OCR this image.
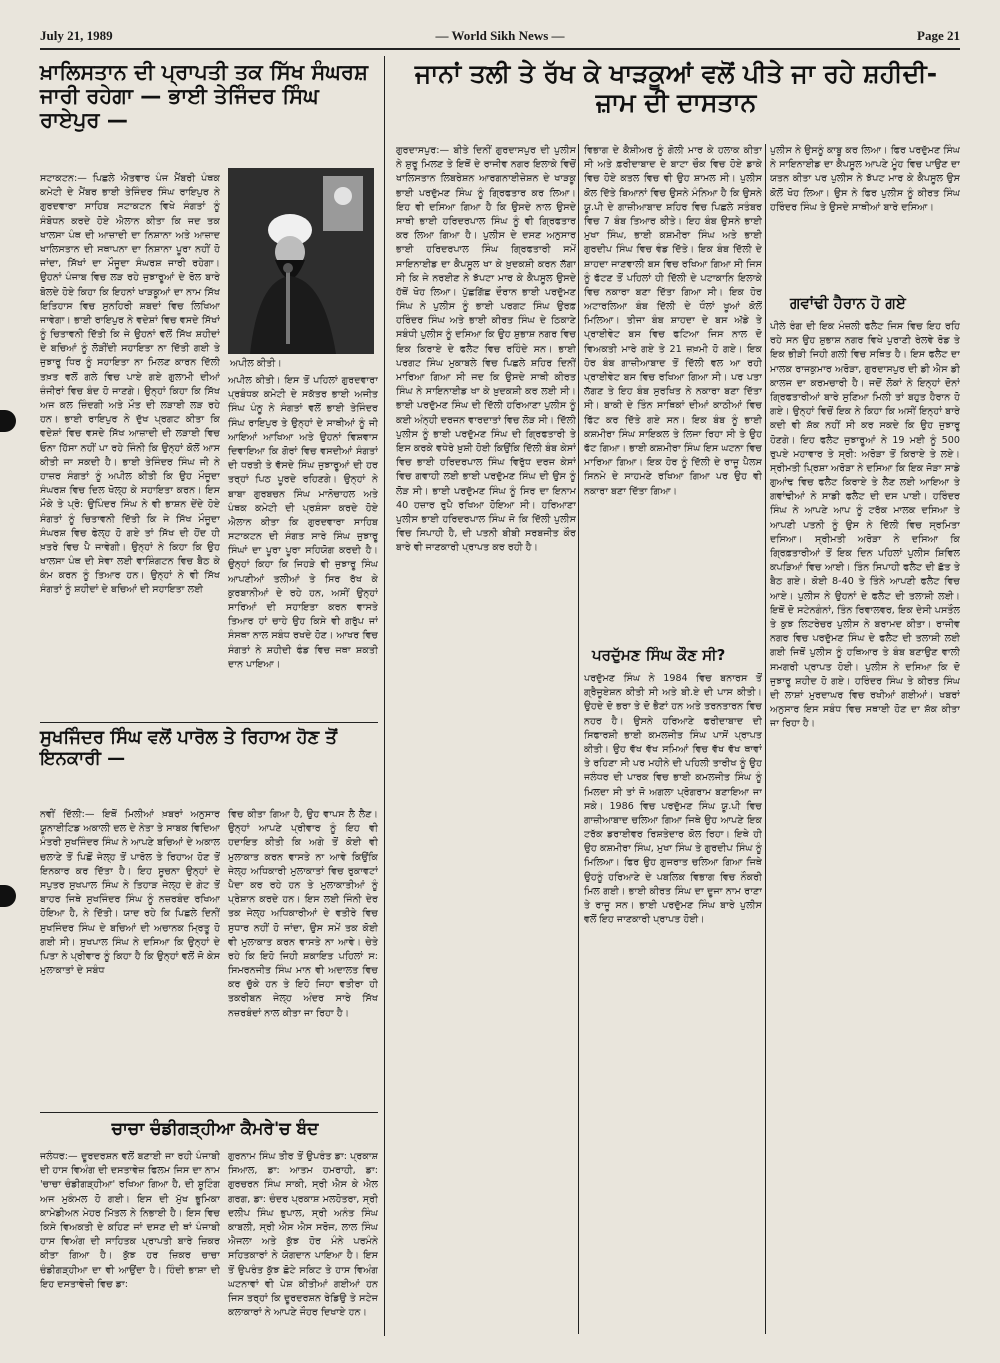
July 21, 1989	— World Sikh News —	Page 21
ਖ਼ਾਲਿਸਤਾਨ ਦੀ ਪ੍ਰਾਪਤੀ ਤਕ ਸਿੱਖ ਸੰਘਰਸ਼ ਜਾਰੀ ਰਹੇਗਾ — ਭਾਈ ਤੇਜਿੰਦਰ ਸਿੰਘ ਰਾਏਪੁਰ —
ਸਟਾਕਟਨ:— ਪਿਛਲੇ ਐਤਵਾਰ ਪੰਜ ਮੈਂਬਰੀ ਪੰਥਕ ਕਮੇਟੀ ਦੇ ਮੈਂਬਰ ਭਾਈ ਤੇਜਿੰਦਰ ਸਿੰਘ ਰਾਇਪੁਰ ਨੇ ਗੁਰਦਵਾਰਾ ਸਾਹਿਬ ਸਟਾਕਟਨ ਵਿਖੇ ਸੰਗਤਾਂ ਨੂੰ ਸੰਬੋਧਨ ਕਰਦੇ ਹੋਏ ਐਲਾਨ ਕੀਤਾ ਕਿ ਜਦ ਤਕ ਖਾਲਸਾ ਪੰਥ ਦੀ ਆਜ਼ਾਦੀ ਦਾ ਨਿਸ਼ਾਨਾ ਅਤੇ ਆਜ਼ਾਦ ਖਾਲਿਸਤਾਨ ਦੀ ਸਥਾਪਨਾ ਦਾ ਨਿਸ਼ਾਨਾ ਪੂਰਾ ਨਹੀਂ ਹੋ ਜਾਂਦਾ, ਸਿੱਖਾਂ ਦਾ ਮੌਜੂਦਾ ਸੰਘਰਸ਼ ਜਾਰੀ ਰਹੇਗਾ। ਉਹਨਾਂ ਪੰਜਾਬ ਵਿਚ ਲੜ ਰਹੇ ਜੁਝਾਰੂਆਂ ਦੇ ਰੋਲ ਬਾਰੇ ਬੋਲਦੇ ਹੋਏ ਕਿਹਾ ਕਿ ਇਹਨਾਂ ਖਾੜਕੂਆਂ ਦਾ ਨਾਮ ਸਿੱਖ ਇਤਿਹਾਸ ਵਿਚ ਸੁਨਹਿਰੀ ਸ਼ਬਦਾਂ ਵਿਚ ਲਿਖਿਆ ਜਾਵੇਗਾ। ਭਾਈ ਰਾਇਪੁਰ ਨੇ ਵਦੇਸ਼ਾਂ ਵਿਚ ਵਸਦੇ ਸਿੱਖਾਂ ਨੂੰ ਚਿਤਾਵਨੀ ਦਿੱਤੀ ਕਿ ਜੇ ਉਹਨਾਂ ਵਲੋਂ ਸਿੱਖ ਸ਼ਹੀਦਾਂ ਦੇ ਬਚਿਆਂ ਨੂੰ ਲੋੜੀਂਦੀ ਸਹਾਇਤਾ ਨਾ ਦਿੱਤੀ ਗਈ ਤੇ ਜੁਝਾਰੂ ਧਿਰ ਨੂੰ ਸਹਾਇਤਾ ਨਾ ਮਿਲਣ ਕਾਰਨ ਦਿੱਲੀ ਤਖ਼ਤ ਵਲੋਂ ਗਲੇ ਵਿਚ ਪਾਏ ਗਏ ਗੁਲਾਮੀ ਦੀਆਂ ਜ਼ੰਜੀਰਾਂ ਵਿਚ ਬੰਦ ਹੋ ਜਾਣਗੇ। ਉਨ੍ਹਾਂ ਕਿਹਾ ਕਿ ਸਿੱਖ ਅਜ ਕਲ ਜ਼ਿੰਦਗੀ ਅਤੇ ਮੌਤ ਦੀ ਲੜਾਈ ਲੜ ਰਹੇ ਹਨ। ਭਾਈ ਰਾਇਪੁਰ ਨੇ ਦੁੱਖ ਪ੍ਰਗਟ ਕੀਤਾ ਕਿ ਵਦੇਸ਼ਾਂ ਵਿਚ ਵਸਦੇ ਸਿੱਖ ਆਜ਼ਾਦੀ ਦੀ ਲੜਾਈ ਵਿਚ ਓਨਾ ਹਿੱਸਾ ਨਹੀਂ ਪਾ ਰਹੇ ਜਿੰਨੀ ਕਿ ਉਨ੍ਹਾਂ ਕੋਲੋਂ ਆਸ ਕੀਤੀ ਜਾ ਸਕਦੀ ਹੈ। ਭਾਈ ਤੇਜਿੰਦਰ ਸਿੰਘ ਜੀ ਨੇ ਹਾਜ਼ਰ ਸੰਗਤਾਂ ਨੂੰ ਅਪੀਲ ਕੀਤੀ ਕਿ ਉਹ ਮੌਜੂਦਾ ਸੰਘਰਸ਼ ਵਿਚ ਦਿਲ ਖੋਲ੍ਹ ਕੇ ਸਹਾਇਤਾ ਕਰਨ। ਇਸ ਮੌਕੇ ਤੇ ਪ੍ਰੋ: ਉਪਿੰਦਰ ਸਿੰਘ ਨੇ ਵੀ ਭਾਸ਼ਨ ਦੇਂਦੇ ਹੋਏ ਸੰਗਤਾਂ ਨੂੰ ਚਿਤਾਵਨੀ ਦਿੱਤੀ ਕਿ ਜੇ ਸਿੱਖ ਮੌਜੂਦਾ ਸੰਘਰਸ਼ ਵਿਚ ਫੇਲ੍ਹ ਹੋ ਗਏ ਤਾਂ ਸਿੱਖ ਦੀ ਹੋਂਦ ਹੀ ਖ਼ਤਰੇ ਵਿਚ ਪੈ ਜਾਵੇਗੀ। ਉਨ੍ਹਾਂ ਨੇ ਕਿਹਾ ਕਿ ਉਹ ਖਾਲਸਾ ਪੰਥ ਦੀ ਸੇਵਾ ਲਈ ਵਾਸ਼ਿੰਗਟਨ ਵਿਚ ਬੈਠ ਕੇ ਕੰਮ ਕਰਨ ਨੂੰ ਤਿਆਰ ਹਨ। ਉਨ੍ਹਾਂ ਨੇ ਵੀ ਸਿੱਖ ਸੰਗਤਾਂ ਨੂੰ ਸ਼ਹੀਦਾਂ ਦੇ ਬਚਿਆਂ ਦੀ ਸਹਾਇਤਾ ਲਈ
ਅਪੀਲ ਕੀਤੀ।
ਅਪੀਲ ਕੀਤੀ। ਇਸ ਤੋਂ ਪਹਿਲਾਂ ਗੁਰਦਵਾਰਾ ਪ੍ਰਬੰਧਕ ਕਮੇਟੀ ਦੇ ਸਕੱਤਰ ਭਾਈ ਅਜੀਤ ਸਿੰਘ ਪੰਨੂ ਨੇ ਸੰਗਤਾਂ ਵਲੋਂ ਭਾਈ ਤੇਜਿੰਦਰ ਸਿੰਘ ਰਾਇਪੁਰ ਤੇ ਉਨ੍ਹਾਂ ਦੇ ਸਾਥੀਆਂ ਨੂੰ ਜੀ ਆਇਆਂ ਆਖਿਆ ਅਤੇ ਉਹਨਾਂ ਵਿਸ਼ਵਾਸ ਦਿਵਾਇਆ ਕਿ ਗੋਰਾਂ ਵਿਚ ਵਸਦੀਆਂ ਸੰਗਤਾਂ ਦੀ ਧਰਤੀ ਤੇ ਵੱਸਦੇ ਸਿੰਘ ਜੁਝਾਰੂਆਂ ਦੀ ਹਰ ਤਰ੍ਹਾਂ ਪਿਠ ਪੂਰਦੇ ਰਹਿਣਗੇ। ਉਨ੍ਹਾਂ ਨੇ ਬਾਬਾ ਗੁਰਬਚਨ ਸਿੰਘ ਮਾਨੋਚਾਹਲ ਅਤੇ ਪੰਥਕ ਕਮੇਟੀ ਦੀ ਪ੍ਰਸ਼ੰਸਾ ਕਰਦੇ ਹੋਏ ਐਲਾਨ ਕੀਤਾ ਕਿ ਗੁਰਦਵਾਰਾ ਸਾਹਿਬ ਸਟਾਕਟਨ ਦੀ ਸੰਗਤ ਸਾਰੇ ਸਿੰਘ ਜੁਝਾਰੂ ਸਿੰਘਾਂ ਦਾ ਪੂਰਾ ਪੂਰਾ ਸਹਿਯੋਗ ਕਰਦੀ ਹੈ। ਉਨ੍ਹਾਂ ਕਿਹਾ ਕਿ ਜਿਹੜੇ ਵੀ ਜੁਝਾਰੂ ਸਿੰਘ ਆਪਣੀਆਂ ਤਲੀਆਂ ਤੇ ਸਿਰ ਰੱਖ ਕੇ ਕੁਰਬਾਨੀਆਂ ਦੇ ਰਹੇ ਹਨ, ਅਸੀਂ ਉਨ੍ਹਾਂ ਸਾਰਿਆਂ ਦੀ ਸਹਾਇਤਾ ਕਰਨ ਵਾਸਤੇ ਤਿਆਰ ਹਾਂ ਚਾਹੇ ਉਹ ਕਿਸੇ ਵੀ ਗਰੁੱਪ ਜਾਂ ਸੰਸਥਾ ਨਾਲ ਸਬੰਧ ਰਖਦੇ ਹੋਣ। ਆਖਰ ਵਿਚ ਸੰਗਤਾਂ ਨੇ ਸ਼ਹੀਦੀ ਫੰਡ ਵਿਚ ਜਥਾ ਸ਼ਕਤੀ ਦਾਨ ਪਾਇਆ।
ਸੁਖਜਿੰਦਰ ਸਿੰਘ ਵਲੋਂ ਪਾਰੋਲ ਤੇ ਰਿਹਾਅ ਹੋਣ ਤੋਂ ਇਨਕਾਰੀ —
ਨਵੀਂ ਦਿੱਲੀ:— ਇਥੋਂ ਮਿਲੀਆਂ ਖ਼ਬਰਾਂ ਅਨੁਸਾਰ ਯੂਨਾਈਟਿਡ ਅਕਾਲੀ ਦਲ ਦੇ ਨੇਤਾ ਤੇ ਸਾਬਕ ਵਿਦਿਆ ਮੰਤਰੀ ਸੁਖਜਿੰਦਰ ਸਿੰਘ ਨੇ ਆਪਣੇ ਬਚਿਆਂ ਦੇ ਅਕਾਲ ਚਲਾਣੇ ਤੋਂ ਪਿਛੋਂ ਜੇਲ੍ਹ ਤੋਂ ਪਾਰੋਲ ਤੇ ਰਿਹਾਅ ਹੋਣ ਤੋਂ ਇਨਕਾਰ ਕਰ ਦਿੱਤਾ ਹੈ। ਇਹ ਸੂਚਨਾ ਉਨ੍ਹਾਂ ਦੇ ਸਪੁਤਰ ਸੁਖਪਾਲ ਸਿੰਘ ਨੇ ਤਿਹਾੜ ਜੇਲ੍ਹ ਦੇ ਗੇਟ ਤੋਂ ਬਾਹਰ ਜਿਥੇ ਸੁਖਜਿੰਦਰ ਸਿੰਘ ਨੂੰ ਨਜ਼ਰਬੰਦ ਰਖਿਆ ਹੋਇਆ ਹੈ, ਨੇ ਦਿੱਤੀ। ਯਾਦ ਰਹੇ ਕਿ ਪਿਛਲੇ ਦਿਨੀਂ ਸੁਖਜਿੰਦਰ ਸਿੰਘ ਦੇ ਬਚਿਆਂ ਦੀ ਅਚਾਨਕ ਮ੍ਰਿਤੂ ਹੋ ਗਈ ਸੀ। ਸੁਖਪਾਲ ਸਿੰਘ ਨੇ ਦਸਿਆ ਕਿ ਉਨ੍ਹਾਂ ਦੇ ਪਿਤਾ ਨੇ ਪ੍ਰੀਵਾਰ ਨੂੰ ਕਿਹਾ ਹੈ ਕਿ ਉਨ੍ਹਾਂ ਵਲੋਂ ਜੋ ਕੇਸ ਮੁਲਾਕਾਤਾਂ ਦੇ ਸਬੰਧ
ਵਿਚ ਕੀਤਾ ਗਿਆ ਹੈ, ਉਹ ਵਾਪਸ ਲੈ ਲੈਣ। ਉਨ੍ਹਾਂ ਆਪਣੇ ਪ੍ਰੀਵਾਰ ਨੂੰ ਇਹ ਵੀ ਹਦਾਇਤ ਕੀਤੀ ਕਿ ਅਗੇ ਤੋਂ ਕੋਈ ਵੀ ਮੁਲਾਕਾਤ ਕਰਨ ਵਾਸਤੇ ਨਾ ਆਵੇ ਕਿਉਂਕਿ ਜੇਲ੍ਹ ਅਧਿਕਾਰੀ ਮੁਲਾਕਾਤਾਂ ਵਿਚ ਰੁਕਾਵਟਾਂ ਪੈਦਾ ਕਰ ਰਹੇ ਹਨ ਤੇ ਮੁਲਾਕਾਤੀਆਂ ਨੂੰ ਪ੍ਰੇਸ਼ਾਨ ਕਰਦੇ ਹਨ। ਇਸ ਲਈ ਜਿੰਨੀ ਦੇਰ ਤਕ ਜੇਲ੍ਹ ਅਧਿਕਾਰੀਆਂ ਦੇ ਵਤੀਰੇ ਵਿਚ ਸੁਧਾਰ ਨਹੀਂ ਹੋ ਜਾਂਦਾ, ਉਸ ਸਮੇਂ ਤਕ ਕੋਈ ਵੀ ਮੁਲਾਕਾਤ ਕਰਨ ਵਾਸਤੇ ਨਾ ਆਵੇ। ਚੇਤੇ ਰਹੇ ਕਿ ਇਹੋ ਜਿਹੀ ਸ਼ਕਾਇਤ ਪਹਿਲਾਂ ਸ: ਸਿਮਰਨਜੀਤ ਸਿੰਘ ਮਾਨ ਵੀ ਅਦਾਲਤ ਵਿਚ ਕਰ ਚੁੱਕੇ ਹਨ ਤੇ ਇਹੋ ਜਿਹਾ ਵਤੀਰਾ ਹੀ ਤਕਰੀਬਨ ਜੇਲ੍ਹ ਅੰਦਰ ਸਾਰੇ ਸਿੱਖ ਨਜ਼ਰਬੰਦਾਂ ਨਾਲ ਕੀਤਾ ਜਾ ਰਿਹਾ ਹੈ।
ਚਾਚਾ ਚੰਡੀਗੜ੍ਹੀਆ ਕੈਮਰੇ'ਚ ਬੰਦ
ਜਲੰਧਰ:— ਦੂਰਦਰਸ਼ਨ ਵਲੋਂ ਬਣਾਈ ਜਾ ਰਹੀ ਪੰਜਾਬੀ ਦੀ ਹਾਸ ਵਿਅੰਗ ਦੀ ਦਸਤਾਵੇਜ਼ ਫਿਲਮ ਜਿਸ ਦਾ ਨਾਮ 'ਚਾਚਾ ਚੰਡੀਗੜ੍ਹੀਆ' ਰਖਿਆ ਗਿਆ ਹੈ, ਦੀ ਸ਼ੂਟਿੰਗ ਅਜ ਮੁਕੰਮਲ ਹੋ ਗਈ। ਇਸ ਦੀ ਮੁੱਖ ਭੂਮਿਕਾ ਕਾਮੇਡੀਅਨ ਮੇਹਰ ਮਿੱਤਲ ਨੇ ਨਿਭਾਈ ਹੈ। ਇਸ ਵਿਚ ਕਿਸੇ ਵਿਅਕਤੀ ਦੇ ਕਹਿਣ ਜਾਂ ਦਸਣ ਦੀ ਥਾਂ ਪੰਜਾਬੀ ਹਾਸ ਵਿਅੰਗ ਦੀ ਸਾਹਿਤਕ ਪ੍ਰਾਪਤੀ ਬਾਰੇ ਜ਼ਿਕਰ ਕੀਤਾ ਗਿਆ ਹੈ। ਕੁੱਝ ਹਰ ਜ਼ਿਕਰ ਚਾਚਾ ਚੰਡੀਗੜ੍ਹੀਆ ਦਾ ਵੀ ਆਉਂਦਾ ਹੈ। ਹਿੰਦੀ ਭਾਸ਼ਾ ਦੀ ਇਹ ਦਸਤਾਵੇਜ਼ੀ ਵਿਚ ਡਾ:
ਗੁਰਨਾਮ ਸਿੰਘ ਤੀਰ ਤੋਂ ਉਪਰੰਤ ਡਾ: ਪ੍ਰਕਾਸ਼ ਸਿਆਲ, ਡਾ: ਆਤਮ ਹਮਰਾਹੀ, ਡਾ: ਗੁਰਚਰਨ ਸਿੰਘ ਸਾਕੀ, ਸ੍ਰੀ ਐਸ ਕੇ ਐਲ ਗਰਗ, ਡਾ: ਚੰਦਰ ਪ੍ਰਕਾਸ਼ ਮਲਹੋਤਰਾ, ਸ੍ਰੀ ਦਲੀਪ ਸਿੰਘ ਭੁਪਾਲ, ਸ੍ਰੀ ਅਨੰਤ ਸਿੰਘ ਕਾਬਲੀ, ਸ੍ਰੀ ਐਸ ਐਸ ਸਰੋਜ, ਲਾਲ ਸਿੰਘ ਐਜਲਾ ਅਤੇ ਕੁੱਝ ਹੋਰ ਮੰਨੇ ਪਰਮੰਨੇ ਸਹਿਤਕਾਰਾਂ ਨੇ ਯੋਗਦਾਨ ਪਾਇਆ ਹੈ। ਇਸ ਤੋਂ ਉਪਰੰਤ ਕੁੱਝ ਛੋਟੇ ਸਕਿਟ ਤੇ ਹਾਸ ਵਿਅੰਗ ਘਟਨਾਵਾਂ ਵੀ ਪੇਸ਼ ਕੀਤੀਆਂ ਗਈਆਂ ਹਨ ਜਿਸ ਤਰ੍ਹਾਂ ਕਿ ਦੂਰਦਰਸ਼ਨ ਰੇਡਿਉ ਤੇ ਸਟੇਜ ਕਲਾਕਾਰਾਂ ਨੇ ਆਪਣੇ ਜੌਹਰ ਦਿਖਾਏ ਹਨ।
ਜਾਨਾਂ ਤਲੀ ਤੇ ਰੱਖ ਕੇ ਖਾੜਕੂਆਂ ਵਲੋਂ ਪੀਤੇ ਜਾ ਰਹੇ ਸ਼ਹੀਦੀ-ਜ਼ਾਮ ਦੀ ਦਾਸਤਾਨ
ਗੁਰਦਾਸਪੁਰ:— ਬੀਤੇ ਦਿਨੀਂ ਗੁਰਦਾਸਪੁਰ ਦੀ ਪੁਲੀਸ ਨੇ ਸ਼ੁਰੂ ਮਿਲਣ ਤੇ ਇਥੋਂ ਦੇ ਰਾਜੀਵ ਨਗਰ ਇਲਾਕੇ ਵਿਚੋਂ ਖਾਲਿਸਤਾਨ ਲਿਬਰੇਸ਼ਨ ਆਰਗਨਾਈਜ਼ੇਸ਼ਨ ਦੇ ਖਾੜਕੂ ਭਾਈ ਪਰਦੁੱਮਣ ਸਿੰਘ ਨੂੰ ਗ੍ਰਿਫਤਾਰ ਕਰ ਲਿਆ। ਇਹ ਵੀ ਦਸਿਆ ਗਿਆ ਹੈ ਕਿ ਉਸਦੇ ਨਾਲ ਉਸਦੇ ਸਾਥੀ ਭਾਈ ਹਰਿਦਰਪਾਲ ਸਿੰਘ ਨੂੰ ਵੀ ਗ੍ਰਿਫਤਾਰ ਕਰ ਲਿਆ ਗਿਆ ਹੈ। ਪੁਲੀਸ ਦੇ ਦਸਣ ਅਨੁਸਾਰ ਭਾਈ ਹਰਿਦਰਪਾਲ ਸਿੰਘ ਗ੍ਰਿਫਤਾਰੀ ਸਮੇਂ ਸਾਇਨਾਈਡ ਦਾ ਕੈਪਸੂਲ ਖਾ ਕੇ ਖ਼ੁਦਕਸ਼ੀ ਕਰਨ ਲੱਗਾ ਸੀ ਕਿ ਜੇ ਨਰਈਣ ਨੇ ਝੱਪਟਾ ਮਾਰ ਕੇ ਕੈਪਸੂਲ ਉਸਦੇ ਹੱਥੋਂ ਖੋਹ ਲਿਆ। ਪੁੱਛਗਿੱਛ ਦੌਰਾਨ ਭਾਈ ਪਰਦੁੱਮਣ ਸਿੰਘ ਨੇ ਪੁਲੀਸ ਨੂੰ ਭਾਈ ਪਰਗਟ ਸਿੰਘ ਉਰਫ਼ ਹਰਿੰਦਰ ਸਿੰਘ ਅਤੇ ਭਾਈ ਕੀਰਤ ਸਿੰਘ ਦੇ ਠਿਕਾਣੇ ਸਬੰਧੀ ਪੁਲੀਸ ਨੂੰ ਦਸਿਆ ਕਿ ਉਹ ਸ਼ੁਭਾਸ਼ ਨਗਰ ਵਿਚ ਇਕ ਕਿਰਾਏ ਦੇ ਫਲੈਟ ਵਿਚ ਰਹਿੰਦੇ ਸਨ। ਭਾਈ ਪਰਗਟ ਸਿੰਘ ਮੁਕਾਬਲੇ ਵਿਚ ਪਿਛਲੇ ਸ਼ਹਿਰ ਦਿਨੀਂ ਮਾਰਿਆ ਗਿਆ ਸੀ ਜਦ ਕਿ ਉਸਦੇ ਸਾਥੀ ਕੀਰਤ ਸਿੰਘ ਨੇ ਸਾਇਨਾਈਡ ਖਾ ਕੇ ਖ਼ੁਦਕਸ਼ੀ ਕਰ ਲਈ ਸੀ। ਭਾਈ ਪਰਦੁੱਮਣ ਸਿੰਘ ਦੀ ਦਿੱਲੀ ਹਰਿਆਣਾ ਪੁਲੀਸ ਨੂੰ ਕਈ ਅੰਨ੍ਹੀ ਦਰਜਨ ਵਾਰਦਾਤਾਂ ਵਿਚ ਲੋੜ ਸੀ। ਦਿੱਲੀ ਪੁਲੀਸ ਨੂੰ ਭਾਈ ਪਰਦੁੱਮਣ ਸਿੰਘ ਦੀ ਗ੍ਰਿਫਤਾਰੀ ਤੇ ਇਸ ਕਰਕੇ ਵਧੇਰੇ ਖ਼ੁਸ਼ੀ ਹੋਈ ਕਿਉਂਕਿ ਦਿੱਲੀ ਬੰਬ ਕੇਸਾਂ ਵਿਚ ਭਾਈ ਹਰਿਦਰਪਾਲ ਸਿੰਘ ਵਿਰੁੱਧ ਦਰਜ ਕੇਸਾਂ ਵਿਚ ਗਵਾਹੀ ਲਈ ਭਾਈ ਪਰਦੁੱਮਣ ਸਿੰਘ ਦੀ ਉਸ ਨੂੰ ਲੋੜ ਸੀ। ਭਾਈ ਪਰਦੁੱਮਣ ਸਿੰਘ ਨੂੰ ਸਿਰ ਦਾ ਇਨਾਮ 40 ਹਜ਼ਾਰ ਰੁਪੈ ਰਖਿਆ ਹੋਇਆ ਸੀ। ਹਰਿਆਣਾ ਪੁਲੀਸ ਭਾਈ ਹਰਿਦਰਪਾਲ ਸਿੰਘ ਜੋ ਕਿ ਦਿੱਲੀ ਪੁਲੀਸ ਵਿਚ ਸਿਪਾਹੀ ਹੈ, ਦੀ ਪਤਨੀ ਬੀਬੀ ਸਰਬਜੀਤ ਕੌਰ ਬਾਰੇ ਵੀ ਜਾਣਕਾਰੀ ਪ੍ਰਾਪਤ ਕਰ ਰਹੀ ਹੈ।
ਵਿਭਾਗ ਦੇ ਕੈਸ਼ੀਅਰ ਨੂੰ ਗੋਲੀ ਮਾਰ ਕੇ ਹਲਾਕ ਕੀਤਾ ਸੀ ਅਤੇ ਫ਼ਰੀਦਾਬਾਦ ਦੇ ਬਾਟਾ ਚੌਕ ਵਿਚ ਹੋਏ ਡਾਕੇ ਵਿਚ ਹੋਏ ਕਤਲ ਵਿਚ ਵੀ ਉਹ ਸ਼ਾਮਲ ਸੀ। ਪੁਲੀਸ ਕੋਲ ਦਿੱਤੇ ਬਿਆਨਾਂ ਵਿਚ ਉਸਨੇ ਮੰਨਿਆ ਹੈ ਕਿ ਉਸਨੇ ਯੂ.ਪੀ ਦੇ ਗਾਜ਼ੀਆਬਾਦ ਸ਼ਹਿਰ ਵਿਚ ਪਿਛਲੇ ਸਤੰਬਰ ਵਿਚ 7 ਬੰਬ ਤਿਆਰ ਕੀਤੇ। ਇਹ ਬੰਬ ਉਸਨੇ ਭਾਈ ਮੁਖਾ ਸਿੰਘ, ਭਾਈ ਕਸ਼ਮੀਰਾ ਸਿੰਘ ਅਤੇ ਭਾਈ ਗੁਰਦੀਪ ਸਿੰਘ ਵਿਚ ਵੰਡ ਦਿੱਤੇ। ਇਕ ਬੰਬ ਦਿੱਲੀ ਦੇ ਸ਼ਾਹਦਾ ਜਾਣਵਾਲੀ ਬਸ ਵਿਚ ਰਖਿਆ ਗਿਆ ਸੀ ਜਿਸ ਨੂੰ ਫੱਟਣ ਤੋਂ ਪਹਿਲਾਂ ਹੀ ਦਿੱਲੀ ਦੇ ਪਟਾਕਾਨਿ ਇਲਾਕੇ ਵਿਚ ਨਕਾਰਾ ਬਣਾ ਦਿੱਤਾ ਗਿਆ ਸੀ। ਇਕ ਹੋਰ ਅਟਾਰਲਿਆ ਬੰਬ ਦਿੱਲੀ ਦੇ ਧੌਲਾਂ ਖੂਆਂ ਕੋਲੋਂ ਮਿਲਿਆ। ਤੀਜਾ ਬੰਬ ਸ਼ਾਹਦਾ ਦੇ ਬਸ ਅੱਡੇ ਤੇ ਪ੍ਰਾਈਵੇਟ ਬਸ ਵਿਚ ਫਟਿਆ ਜਿਸ ਨਾਲ ਦੋ ਵਿਅਕਤੀ ਮਾਰੇ ਗਏ ਤੇ 21 ਜ਼ਖ਼ਮੀ ਹੋ ਗਏ। ਇਕ ਹੋਰ ਬੰਬ ਗਾਜ਼ੀਆਬਾਦ ਤੋਂ ਦਿੱਲੀ ਵਲ ਆ ਰਹੀ ਪ੍ਰਾਈਵੇਟ ਬਸ ਵਿਚ ਰਖਿਆ ਗਿਆ ਸੀ। ਪਰ ਪਤਾ ਲੱਗਣ ਤੇ ਇਹ ਬੰਬ ਸੁਰਖਿਤ ਨੇ ਨਕਾਰਾ ਬਣਾ ਦਿੱਤਾ ਸੀ। ਬਾਕੀ ਦੇ ਤਿੰਨ ਸਾਥਿਕਾਂ ਦੀਆਂ ਕਾਠੀਆਂ ਵਿਚ ਫਿੱਟ ਕਰ ਦਿੱਤੇ ਗਏ ਸਨ। ਇਕ ਬੰਬ ਨੂੰ ਭਾਈ ਕਸ਼ਮੀਰਾ ਸਿੰਘ ਸਾਇਕਲ ਤੇ ਲਿਜਾ ਰਿਹਾ ਸੀ ਤੇ ਉਹ ਫੱਟ ਗਿਆ। ਭਾਈ ਕਸ਼ਮੀਰਾ ਸਿੰਘ ਇਸ ਘਟਨਾ ਵਿਚ ਮਾਰਿਆ ਗਿਆ। ਇਕ ਹੋਰ ਨੂੰ ਦਿੱਲੀ ਦੇ ਰਾਜੂ ਪੈਲਸ ਸਿਨਮੇ ਦੇ ਸਾਹਮਣੇ ਰਖਿਆ ਗਿਆ ਪਰ ਉਹ ਵੀ ਨਕਾਰਾ ਬਣਾ ਦਿੱਤਾ ਗਿਆ।
ਪਰਦੁੱਮਣ ਸਿੰਘ ਕੌਣ ਸੀ?
ਪਰਦੁੱਮਣ ਸਿੰਘ ਨੇ 1984 ਵਿਚ ਬਨਾਰਸ ਤੋਂ ਗ੍ਰੈਜੂਏਸ਼ਨ ਕੀਤੀ ਸੀ ਅਤੇ ਬੀ.ਏ ਦੀ ਪਾਸ ਕੀਤੀ। ਉਹਦੇ ਦੋ ਭਰਾ ਤੇ ਦੋ ਭੈਣਾਂ ਹਨ ਅਤੇ ਤਰਨਤਾਰਨ ਵਿਚ ਨਹਰ ਹੈ। ਉਸਨੇ ਹਰਿਆਣੇ ਫਰੀਦਾਬਾਦ ਦੀ ਸਿਫਾਰਸ਼ੀ ਭਾਈ ਕਮਲਜੀਤ ਸਿੰਘ ਪਾਸੋਂ ਪ੍ਰਾਪਤ ਕੀਤੀ। ਉਹ ਵੱਖ ਵੱਖ ਸਮਿਆਂ ਵਿਚ ਵੱਖ ਵੱਖ ਥਾਵਾਂ ਤੇ ਰਹਿਣਾ ਸੀ ਪਰ ਮਹੀਨੇ ਦੀ ਪਹਿਲੀ ਤਾਰੀਖ ਨੂੰ ਉਹ ਜਲੰਧਰ ਦੀ ਪਾਰਕ ਵਿਚ ਭਾਈ ਕਮਲਜੀਤ ਸਿੰਘ ਨੂੰ ਮਿਲਦਾ ਸੀ ਤਾਂ ਜੋ ਅਗਲਾ ਪ੍ਰੋਗਰਾਮ ਬਣਾਇਆ ਜਾ ਸਕੇ। 1986 ਵਿਚ ਪਰਦੁੱਮਣ ਸਿੰਘ ਯੂ.ਪੀ ਵਿਚ ਗਾਜ਼ੀਆਬਾਦ ਚਲਿਆ ਗਿਆ ਜਿਥੇ ਉਹ ਆਪਣੇ ਇਕ ਟਰੱਕ ਡਰਾਈਵਰ ਰਿਸ਼ਤੇਦਾਰ ਕੋਲ ਰਿਹਾ। ਇਥੇ ਹੀ ਉਹ ਕਸ਼ਮੀਰਾ ਸਿੰਘ, ਮੁਖਾ ਸਿੰਘ ਤੇ ਗੁਰਦੀਪ ਸਿੰਘ ਨੂੰ ਮਿਲਿਆ। ਫਿਰ ਉਹ ਗੁਜਰਾਤ ਚਲਿਆ ਗਿਆ ਜਿਥੇ ਉਹਨੂੰ ਹਰਿਆਣੇ ਦੇ ਪਬਲਿਕ ਵਿਭਾਗ ਵਿਚ ਨੌਕਰੀ ਮਿਲ ਗਈ। ਭਾਈ ਕੀਰਤ ਸਿੰਘ ਦਾ ਦੂਜਾ ਨਾਮ ਰਾਣਾ ਤੇ ਰਾਜੂ ਸਨ। ਭਾਈ ਪਰਦੁੱਮਣ ਸਿੰਘ ਬਾਰੇ ਪੁਲੀਸ ਵਲੋਂ ਇਹ ਜਾਣਕਾਰੀ ਪ੍ਰਾਪਤ ਹੋਈ।
ਪੁਲੀਸ ਨੇ ਉਸਨੂੰ ਕਾਬੂ ਕਰ ਲਿਆ। ਫਿਰ ਪਰਦੁੱਮਣ ਸਿੰਘ ਨੇ ਸਾਇਨਾਈਡ ਦਾ ਕੈਪਸੂਲ ਆਪਣੇ ਮੂੰਹ ਵਿਚ ਪਾਉਣ ਦਾ ਯਤਨ ਕੀਤਾ ਪਰ ਪੁਲੀਸ ਨੇ ਝੱਪਟ ਮਾਰ ਕੇ ਕੈਪਸੂਲ ਉਸ ਕੋਲੋਂ ਖੋਹ ਲਿਆ। ਉਸ ਨੇ ਫਿਰ ਪੁਲੀਸ ਨੂੰ ਕੀਰਤ ਸਿੰਘ ਹਰਿੰਦਰ ਸਿੰਘ ਤੇ ਉਸਦੇ ਸਾਥੀਆਂ ਬਾਰੇ ਦਸਿਆ।
ਗਵਾਂਢੀ ਹੈਰਾਨ ਹੋ ਗਏ
ਪੀਲੇ ਰੰਗ ਦੀ ਇਕ ਮੰਜ਼ਲੀ ਫਲੈਟ ਜਿਸ ਵਿਚ ਇਹ ਰਹਿ ਰਹੇ ਸਨ ਉਹ ਸ਼ੁਭਾਸ਼ ਨਗਰ ਵਿਖੇ ਪੁਰਾਣੀ ਰੇਲਵੇ ਰੋਡ ਤੇ ਇਕ ਭੀੜੀ ਜਿਹੀ ਗਲੀ ਵਿਚ ਸਥਿਤ ਹੈ। ਇਸ ਫਲੈਟ ਦਾ ਮਾਲਕ ਰਾਜਕੁਮਾਰ ਅਰੋੜਾ, ਗੁਰਦਾਸਪੁਰ ਦੀ ਡੀ ਐਸ ਡੀ ਕਾਲਜ ਦਾ ਕਰਮਚਾਰੀ ਹੈ। ਜਦੋਂ ਲੋਕਾਂ ਨੇ ਇਨ੍ਹਾਂ ਦੋਨਾਂ ਗ੍ਰਿਫਤਾਰੀਆਂ ਬਾਰੇ ਸੁਣਿਆ ਮਿਲੀ ਤਾਂ ਬਹੁਤ ਹੈਰਾਨ ਹੋ ਗਏ। ਉਨ੍ਹਾਂ ਵਿਚੋਂ ਇਕ ਨੇ ਕਿਹਾ ਕਿ ਅਸੀਂ ਇਨ੍ਹਾਂ ਬਾਰੇ ਕਦੀ ਵੀ ਸ਼ੱਕ ਨਹੀਂ ਸੀ ਕਰ ਸਕਦੇ ਕਿ ਉਹ ਜੁਝਾਰੂ ਹੋਣਗੇ। ਇਹ ਫਲੈਟ ਜੁਝਾਰੂਆਂ ਨੇ 19 ਮਈ ਨੂੰ 500 ਰੁਪਏ ਮਹਾਵਾਰ ਤੇ ਸ੍ਰੀ: ਅਰੋੜਾ ਤੋਂ ਕਿਰਾਏ ਤੇ ਲਏ। ਸ੍ਰੀਮਤੀ ਪ੍ਰਿਸ਼ਾ ਅਰੋੜਾ ਨੇ ਦਸਿਆ ਕਿ ਇਕ ਜੋੜਾ ਸਾਡੇ ਗੁਆਂਢ ਵਿਚ ਫਲੈਟ ਕਿਰਾਏ ਤੇ ਲੈਣ ਲਈ ਆਇਆ ਤੇ ਗਵਾਂਢੀਆਂ ਨੇ ਸਾਡੀ ਫਲੈਟ ਦੀ ਦਸ ਪਾਈ। ਹਰਿੰਦਰ ਸਿੰਘ ਨੇ ਆਪਣੇ ਆਪ ਨੂੰ ਟਰੱਕ ਮਾਲਕ ਦਸਿਆ ਤੇ ਆਪਣੀ ਪਤਨੀ ਨੂੰ ਉਸ ਨੇ ਦਿੱਲੀ ਵਿਚ ਸ੍ਰਮਿਤਾ ਦਸਿਆ। ਸ੍ਰੀਮਤੀ ਅਰੋੜਾ ਨੇ ਦਸਿਆ ਕਿ ਗ੍ਰਿਫ਼ਤਾਰੀਆਂ ਤੋਂ ਇਕ ਦਿਨ ਪਹਿਲਾਂ ਪੁਲੀਸ ਸ਼ਿਵਿਲ ਕਪੜਿਆਂ ਵਿਚ ਆਈ। ਤਿੰਨ ਸਿਪਾਹੀ ਫਲੈਟ ਦੀ ਛੱਤ ਤੇ ਬੈਠ ਗਏ। ਕੋਈ 8-40 ਤੇ ਤਿੰਨੇ ਆਪਣੀ ਫਲੈਟ ਵਿਚ ਆਏ। ਪੁਲੀਸ ਨੇ ਉਹਨਾਂ ਦੇ ਫਲੈਟ ਦੀ ਤਲਾਸ਼ੀ ਲਈ। ਇਥੋਂ ਦੋ ਸਟੇਨਗੰਨਾਂ, ਤਿੰਨ ਰਿਵਾਲਵਰ, ਇਕ ਦੇਸੀ ਪਸਤੌਲ ਤੇ ਕੁਝ ਲਿਟਰੇਚਰ ਪੁਲੀਸ ਨੇ ਬਰਾਮਦ ਕੀਤਾ। ਰਾਜੀਵ ਨਗਰ ਵਿਚ ਪਰਦੁੱਮਣ ਸਿੰਘ ਦੇ ਫਲੈਟ ਦੀ ਤਲਾਸ਼ੀ ਲਈ ਗਈ ਜਿਥੋਂ ਪੁਲੀਸ ਨੂੰ ਹਥਿਆਰ ਤੇ ਬੰਬ ਬਣਾਉਣ ਵਾਲੀ ਸਮਗਰੀ ਪ੍ਰਾਪਤ ਹੋਈ। ਪੁਲੀਸ ਨੇ ਦਸਿਆ ਕਿ ਦੋ ਜੁਝਾਰੂ ਸ਼ਹੀਦ ਹੋ ਗਏ। ਹਰਿੰਦਰ ਸਿੰਘ ਤੇ ਕੀਰਤ ਸਿੰਘ ਦੀ ਲਾਸ਼ਾਂ ਮੁਰਦਾਘਰ ਵਿਚ ਰਖੀਆਂ ਗਈਆਂ। ਖਬਰਾਂ ਅਨੁਸਾਰ ਇਸ ਸਬੰਧ ਵਿਚ ਸਥਾਈ ਹੋਣ ਦਾ ਸ਼ੱਕ ਕੀਤਾ ਜਾ ਰਿਹਾ ਹੈ।
